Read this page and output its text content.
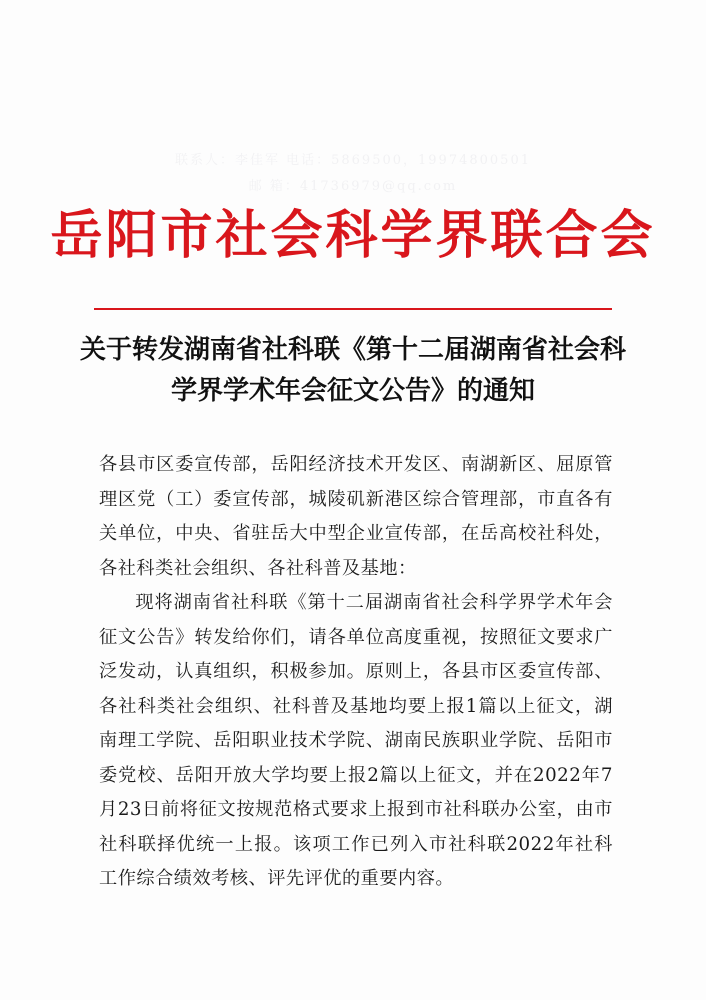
联系人：李佳军 电话：5869500，19974800501
邮 箱：41736979@qq.com
岳阳市社会科学界联合会
关于转发湖南省社科联《第十二届湖南省社会科
学界学术年会征文公告》的通知

各县市区委宣传部，岳阳经济技术开发区、南湖新区、屈原管理区党（工）委宣传部，城陵矶新港区综合管理部，市直各有关单位，中央、省驻岳大中型企业宣传部，在岳高校社科处，各社科类社会组织、各社科普及基地：

现将湖南省社科联《第十二届湖南省社会科学界学术年会征文公告》转发给你们，请各单位高度重视，按照征文要求广泛发动，认真组织，积极参加。原则上，各县市区委宣传部、各社科类社会组织、社科普及基地均要上报1篇以上征文，湖南理工学院、岳阳职业技术学院、湖南民族职业学院、岳阳市委党校、岳阳开放大学均要上报2篇以上征文，并在2022年7月23日前将征文按规范格式要求上报到市社科联办公室，由市社科联择优统一上报。该项工作已列入市社科联2022年社科工作综合绩效考核、评先评优的重要内容。
